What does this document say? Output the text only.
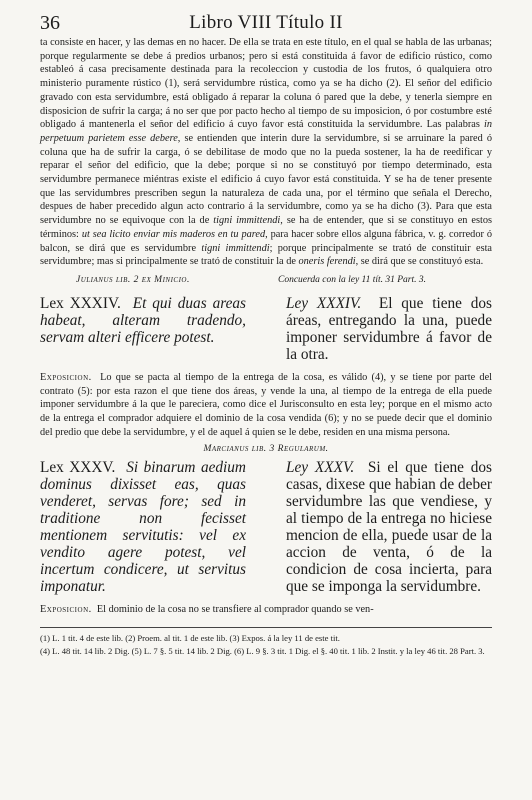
36	Libro VIII Título II

ta consiste en hacer, y las demas en no hacer. De ella se trata en este título, en el qual se habla de las urbanas; porque regularmente se debe á predios urbanos; pero si está constituida á favor de edificio rústico, como estableó á casa precisamente destinada para la recoleccion y custodia de los frutos, ó qualquiera otro ministerio puramente rústico (1), será servidumbre rústica, como ya se ha dicho (2). El señor del edificio gravado con esta servidumbre, está obligado á reparar la coluna ó pared que la debe, y tenerla siempre en disposicion de sufrir la carga; á no ser que por pacto hecho al tiempo de su imposicion, ó por costumbre esté obligado á mantenerla el señor del edificio á cuyo favor está constituida la servidumbre. Las palabras in perpetuum parietem esse debere, se entienden que interin dure la servidumbre, si se arruinare la pared ó coluna que ha de sufrir la carga, ó se debilitase de modo que no la pueda sostener, la ha de reedificar y reparar el señor del edificio, que la debe; porque si no se constituyó por tiempo determinado, esta servidumbre permanece miéntras existe el edificio á cuyo favor está constituida. Y se ha de tener presente que las servidumbres prescriben segun la naturaleza de cada una, por el término que señala el Derecho, despues de haber precedido algun acto contrario á la servidumbre, como ya se ha dicho (3). Para que esta servidumbre no se equivoque con la de tigni immittendi, se ha de entender, que si se constituyo en estos términos: ut sea licito enviar mis maderos en tu pared, para hacer sobre ellos alguna fábrica, v. g. corredor ó balcon, se dirá que es servidumbre tigni immittendi; porque principalmente se trató de constituir esta servidumbre; mas si principalmente se trató de constituir la de oneris ferendi, se dirá que se constituyó esta.

Julianus lib. 2 ex Minicio.	Concuerda con la ley 11 tít. 31 Part. 3.

Lex XXXIV. Et qui duas areas habeat, alteram tradendo, servam alteri efficere potest.

Ley XXXIV. El que tiene dos áreas, entregando la una, puede imponer servidumbre á favor de la otra.

Exposicion. Lo que se pacta al tiempo de la entrega de la cosa, es válido (4), y se tiene por parte del contrato (5): por esta razon el que tiene dos áreas, y vende la una, al tiempo de la entrega de ella puede imponer servidumbre á la que le pareciera, como dice el Jurisconsulto en esta ley; porque en el mismo acto de la entrega el comprador adquiere el dominio de la cosa vendida (6); y no se puede decir que el dominio del predio que debe la servidumbre, y el de aquel á quien se le debe, residen en una misma persona.

Marcianus lib. 3 Regularum.

Lex XXXV. Si binarum aedium dominus dixisset eas, quas venderet, servas fore; sed in traditione non fecisset mentionem servitutis: vel ex vendito agere potest, vel incertum condicere, ut servitus imponatur.

Ley XXXV. Si el que tiene dos casas, dixese que habian de deber servidumbre las que vendiese, y al tiempo de la entrega no hiciese mencion de ella, puede usar de la accion de venta, ó de la condicion de cosa incierta, para que se imponga la servidumbre.

Exposicion. El dominio de la cosa no se transfiere al comprador quando se ven-

(1) L. 1 tit. 4 de este lib. (2) Proem. al tit. 1 de este lib. (3) Expos. á la ley 11 de este tit.
(4) L. 48 tit. 14 lib. 2 Dig. (5) L. 7 §. 5 tit. 14 lib. 2 Dig. (6) L. 9 §. 3 tit. 1 Dig. el §. 40 tit. 1 lib. 2 Instit. y la ley 46 tit. 28 Part. 3.
